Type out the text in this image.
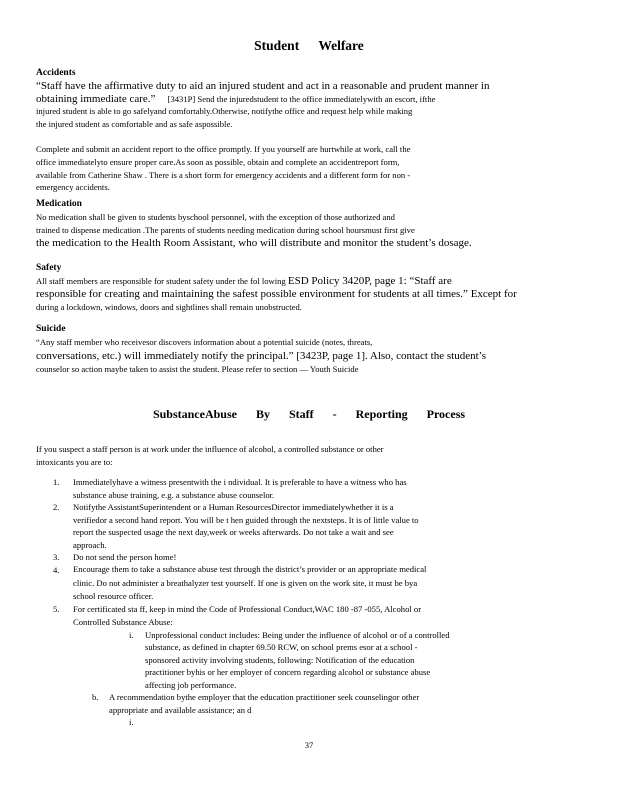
Student Welfare
Accidents
“Staff have the affirmative duty to aid an injured student and act in a reasonable and prudent manner in
obtaining immediate care.” [3431P] Send the injuredstudent to the office immediatelywith an escort, ifthe
injured student is able to go safelyand comfortably.Otherwise, notifythe office and request help while making
the injured student as comfortable and as safe aspossible.
Complete and submit an accident report to the office promptly. If you yourself are hurtwhile at work, call the
office immediatelyto ensure proper care.As soon as possible, obtain and complete an accidentreport form,
available from Catherine Shaw . There is a short form for emergency accidents and a different form for non -
emergency accidents.
Medication
No medication shall be given to students byschool personnel, with the exception of those authorized and
trained to dispense medication .The parents of students needing medication during school hoursmust first give
the medication to the Health Room Assistant, who will distribute and monitor the student’s dosage.
Safety
All staff members are responsible for student safety under the fol lowing ESD Policy 3420P, page 1: “Staff are
responsible for creating and maintaining the safest possible environment for students at all times.” Except for
during a lockdown, windows, doors and sightlines shall remain unobstructed.
Suicide
“Any staff member who receivesor discovers information about a potential suicide (notes, threats,
conversations, etc.) will immediately notify the principal.” [3423P, page 1]. Also, contact the student’s
counselor so action maybe taken to assist the student. Please refer to section — Youth Suicide
SubstanceAbuse By Staff - Reporting Process
If you suspect a staff person is at work under the influence of alcohol, a controlled substance or other
intoxicants you are to:
1. Immediatelyhave a witness presentwith the i ndividual. It is preferable to have a witness who has
substance abuse training, e.g. a substance abuse counselor.
2. Notifythe AssistantSuperintendent or a Human ResourcesDirector immediatelywhether it is a
verifiedor a second hand report. You will be t hen guided through the nextsteps. It is of little value to
report the suspected usage the next day,week or weeks afterwards. Do not take a wait and see
approach.
3. Do not send the person home!
4. Encourage them to take a substance abuse test through the district’s provider or an appropriate medical
clinic. Do not administer a breathalyzer test yourself. If one is given on the work site, it must be bya
school resource officer.
5. For certificated sta ff, keep in mind the Code of Professional Conduct,WAC 180 -87 -055, Alcohol or
Controlled Substance Abuse:
i. Unprofessional conduct includes: Being under the influence of alcohol or of a controlled
substance, as defined in chapter 69.50 RCW, on school prems esor at a school -
sponsored activity involving students, following: Notification of the education
practitioner byhis or her employer of concern regarding alcohol or substance abuse
affecting job performance.
b. A recommendation bythe employer that the education practitioner seek counselingor other
appropriate and available assistance; an d
i.
37
